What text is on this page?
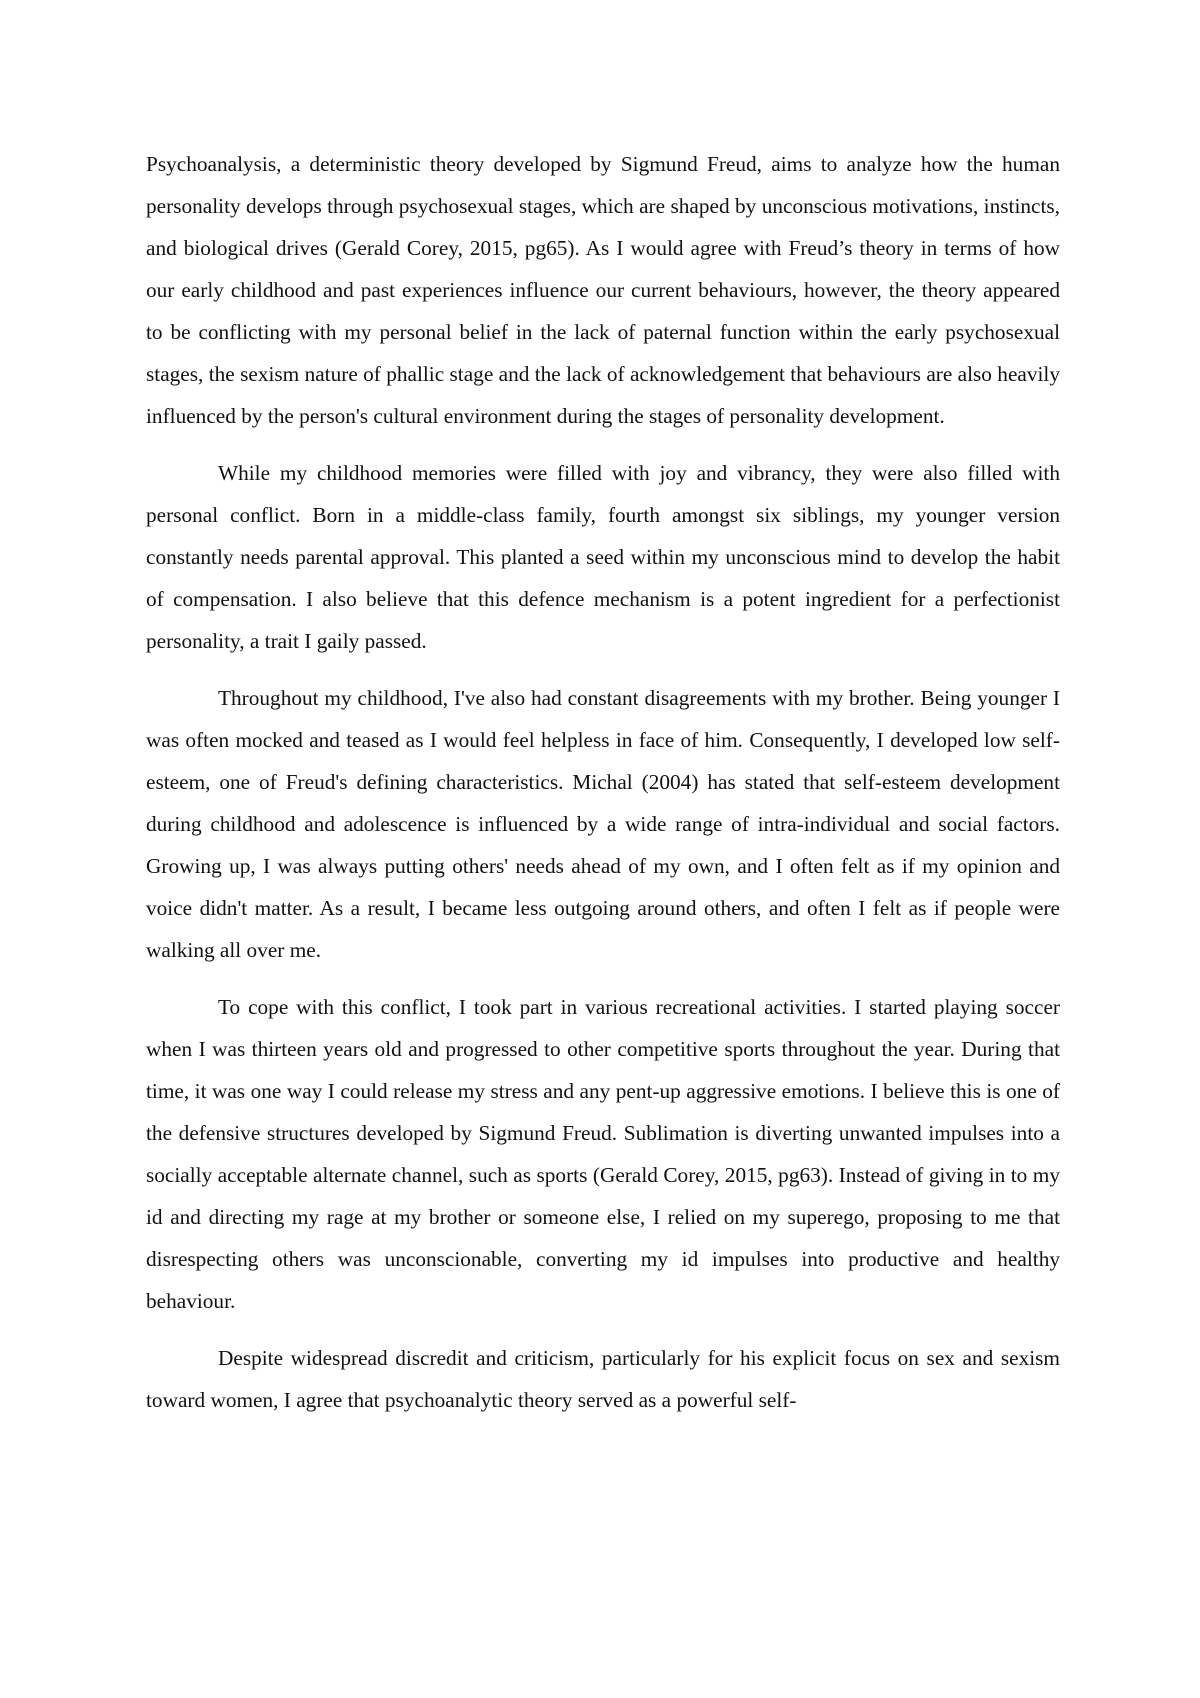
Psychoanalysis, a deterministic theory developed by Sigmund Freud, aims to analyze how the human personality develops through psychosexual stages, which are shaped by unconscious motivations, instincts, and biological drives (Gerald Corey, 2015, pg65). As I would agree with Freud’s theory in terms of how our early childhood and past experiences influence our current behaviours, however, the theory appeared to be conflicting with my personal belief in the lack of paternal function within the early psychosexual stages, the sexism nature of phallic stage and the lack of acknowledgement that behaviours are also heavily influenced by the person's cultural environment during the stages of personality development.

While my childhood memories were filled with joy and vibrancy, they were also filled with personal conflict. Born in a middle-class family, fourth amongst six siblings, my younger version constantly needs parental approval. This planted a seed within my unconscious mind to develop the habit of compensation. I also believe that this defence mechanism is a potent ingredient for a perfectionist personality, a trait I gaily passed.

Throughout my childhood, I've also had constant disagreements with my brother. Being younger I was often mocked and teased as I would feel helpless in face of him. Consequently, I developed low self-esteem, one of Freud's defining characteristics. Michal (2004) has stated that self-esteem development during childhood and adolescence is influenced by a wide range of intra-individual and social factors. Growing up, I was always putting others' needs ahead of my own, and I often felt as if my opinion and voice didn't matter. As a result, I became less outgoing around others, and often I felt as if people were walking all over me.

To cope with this conflict, I took part in various recreational activities. I started playing soccer when I was thirteen years old and progressed to other competitive sports throughout the year. During that time, it was one way I could release my stress and any pent-up aggressive emotions. I believe this is one of the defensive structures developed by Sigmund Freud. Sublimation is diverting unwanted impulses into a socially acceptable alternate channel, such as sports (Gerald Corey, 2015, pg63). Instead of giving in to my id and directing my rage at my brother or someone else, I relied on my superego, proposing to me that disrespecting others was unconscionable, converting my id impulses into productive and healthy behaviour.

Despite widespread discredit and criticism, particularly for his explicit focus on sex and sexism toward women, I agree that psychoanalytic theory served as a powerful self-
